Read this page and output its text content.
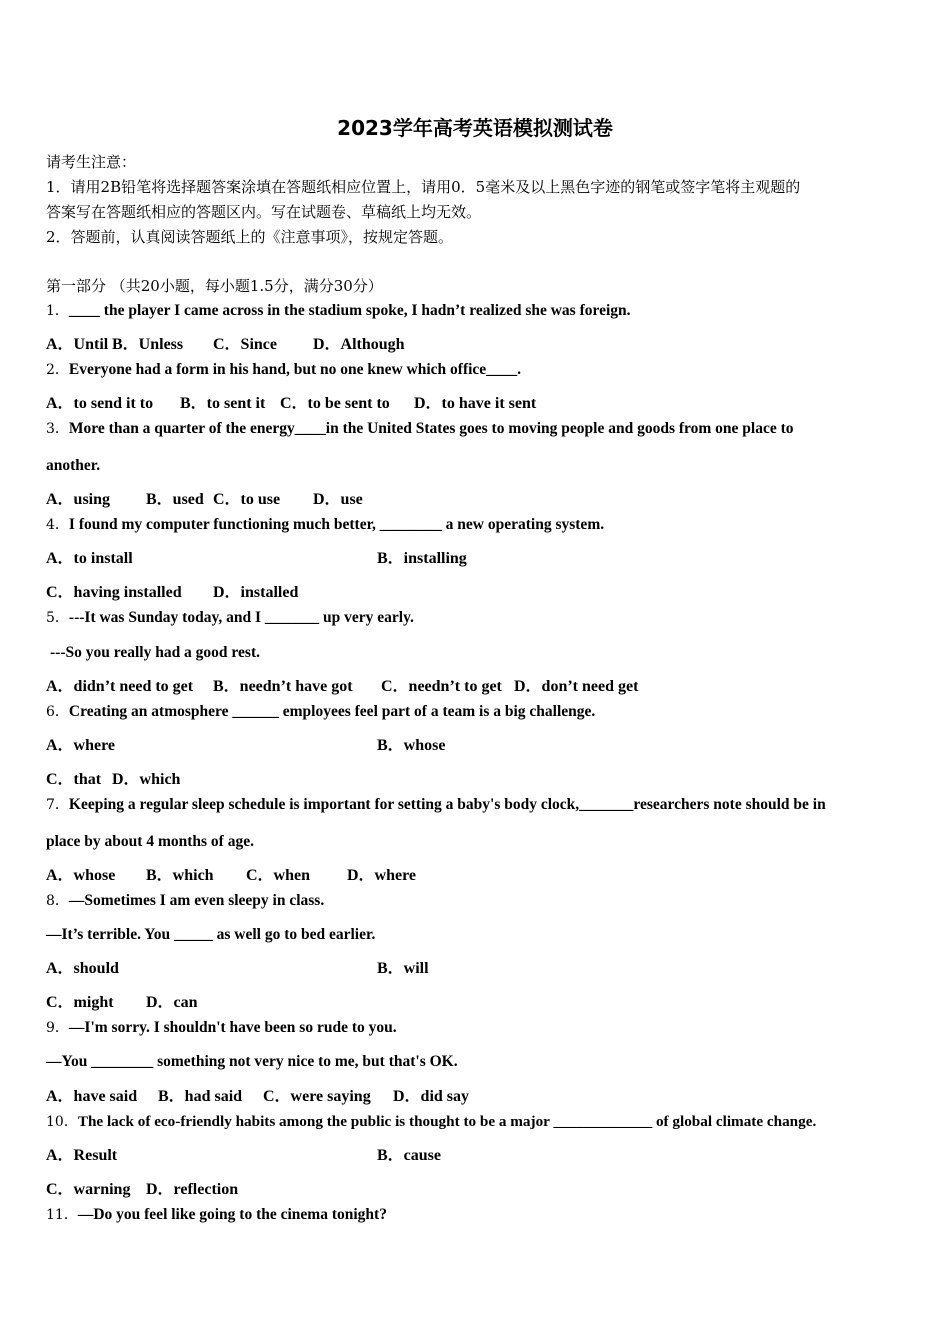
2023学年高考英语模拟测试卷
请考生注意：
1．请用2B铅笔将选择题答案涂填在答题纸相应位置上，请用0．5毫米及以上黑色字迹的钢笔或签字笔将主观题的
答案写在答题纸相应的答题区内。写在试题卷、草稿纸上均无效。
2．答题前，认真阅读答题纸上的《注意事项》，按规定答题。
第一部分 （共20小题，每小题1.5分，满分30分）
1．____ the player I came across in the stadium spoke, I hadn’t realized she was foreign.
A．Until B．Unless C．Since D．Although
2．Everyone had a form in his hand, but no one knew which office____.
A．to send it to B．to sent it C．to be sent to D．to have it sent
3．More than a quarter of the energy____in the United States goes to moving people and goods from one place to
another.
A．using B．used C．to use D．use
4．I found my computer functioning much better, ________ a new operating system.
A．to install	B．installing
C．having installed D．installed
5．---It was Sunday today, and I _______ up very early.
---So you really had a good rest.
A．didn’t need to get B．needn’t have got C．needn’t to get D．don’t need get
6．Creating an atmosphere ______ employees feel part of a team is a big challenge.
A．where	B．whose
C．that D．which
7．Keeping a regular sleep schedule is important for setting a baby's body clock,_______researchers note should be in
place by about 4 months of age.
A．whose B．which C．when D．where
8．—Sometimes I am even sleepy in class.
—It’s terrible. You _____ as well go to bed earlier.
A．should	B．will
C．might D．can
9．—I'm sorry. I shouldn't have been so rude to you.
—You ________ something not very nice to me, but that's OK.
A．have said B．had said C．were saying D．did say
10．The lack of eco-friendly habits among the public is thought to be a major _____________ of global climate change.
A．Result	B．cause
C．warning D．reflection
11．—Do you feel like going to the cinema tonight?
